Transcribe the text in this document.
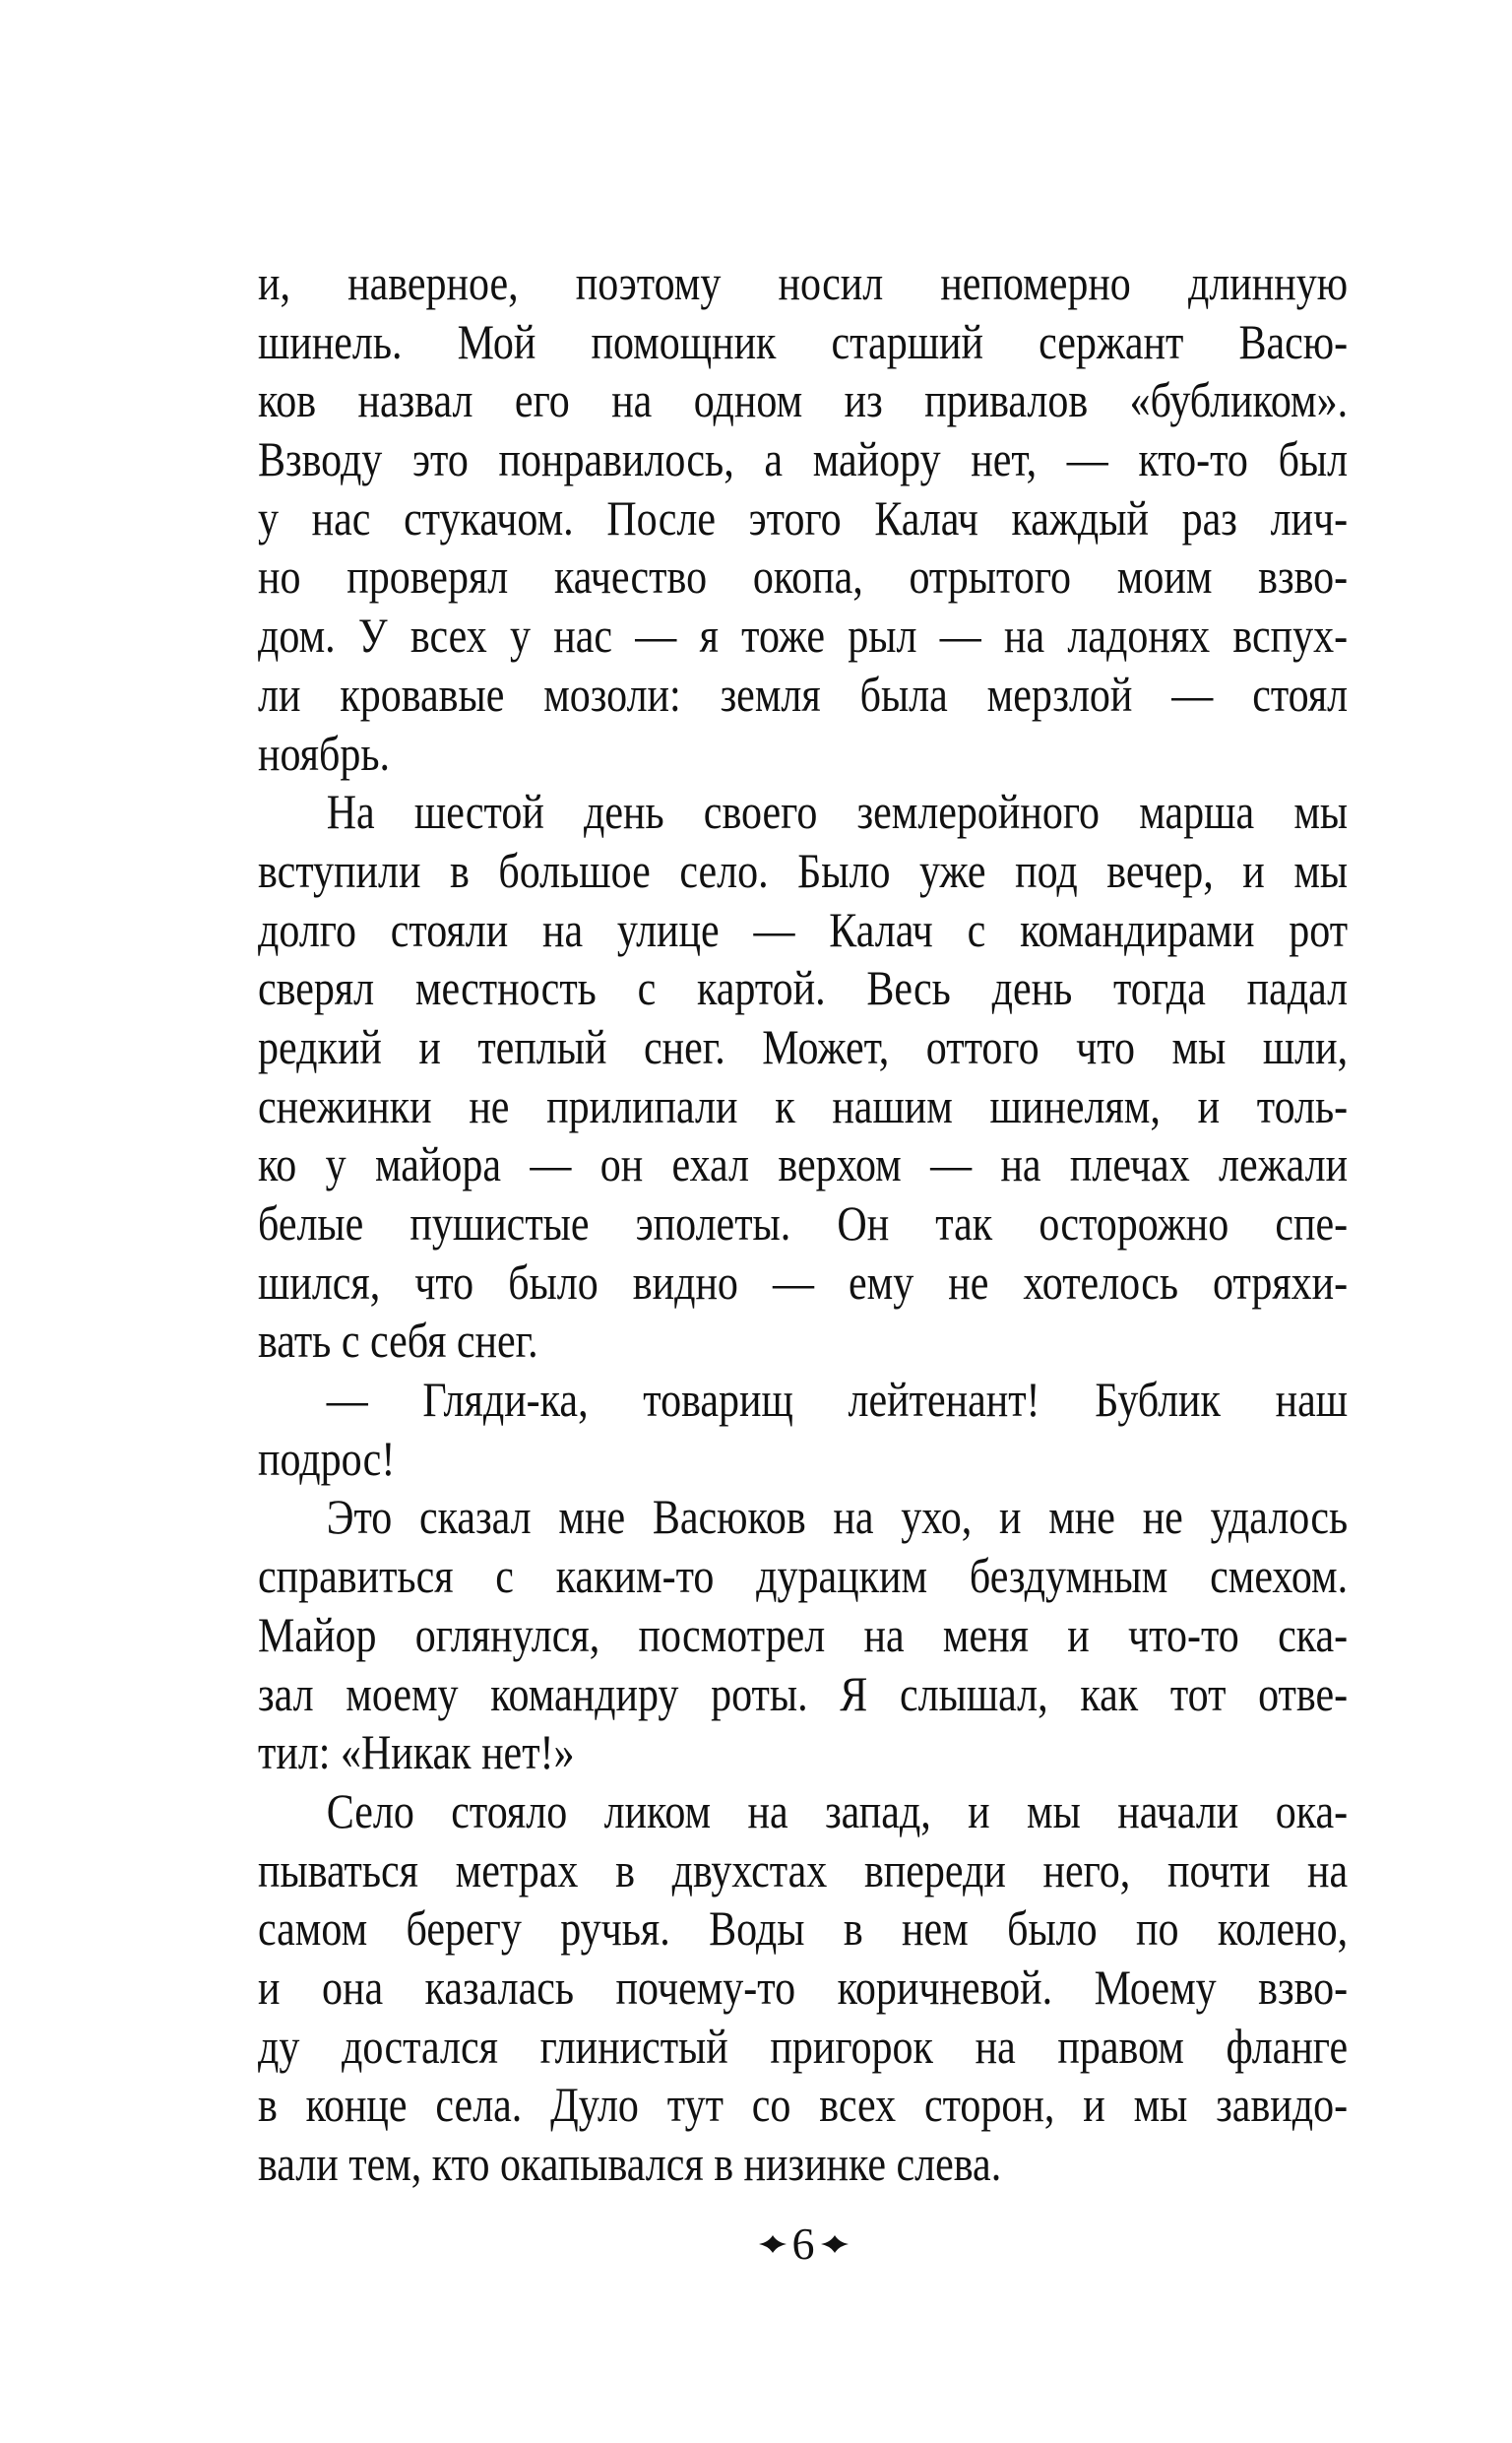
и, наверное, поэтому носил непомерно длинную
шинель. Мой помощник старший сержант Васю-
ков назвал его на одном из привалов «бубликом».
Взводу это понравилось, а майору нет, — кто-то был
у нас стукачом. После этого Калач каждый раз лич-
но проверял качество окопа, отрытого моим взво-
дом. У всех у нас — я тоже рыл — на ладонях вспух-
ли кровавые мозоли: земля была мерзлой — стоял
ноябрь.
На шестой день своего землеройного марша мы
вступили в большое село. Было уже под вечер, и мы
долго стояли на улице — Калач с командирами рот
сверял местность с картой. Весь день тогда падал
редкий и теплый снег. Может, оттого что мы шли,
снежинки не прилипали к нашим шинелям, и толь-
ко у майора — он ехал верхом — на плечах лежали
белые пушистые эполеты. Он так осторожно спе-
шился, что было видно — ему не хотелось отряхи-
вать с себя снег.
— Гляди-ка, товарищ лейтенант! Бублик наш
подрос!
Это сказал мне Васюков на ухо, и мне не удалось
справиться с каким-то дурацким бездумным смехом.
Майор оглянулся, посмотрел на меня и что-то ска-
зал моему командиру роты. Я слышал, как тот отве-
тил: «Никак нет!»
Село стояло ликом на запад, и мы начали ока-
пываться метрах в двухстах впереди него, почти на
самом берегу ручья. Воды в нем было по колено,
и она казалась почему-то коричневой. Моему взво-
ду достался глинистый пригорок на правом фланге
в конце села. Дуло тут со всех сторон, и мы завидо-
вали тем, кто окапывался в низинке слева.
6
